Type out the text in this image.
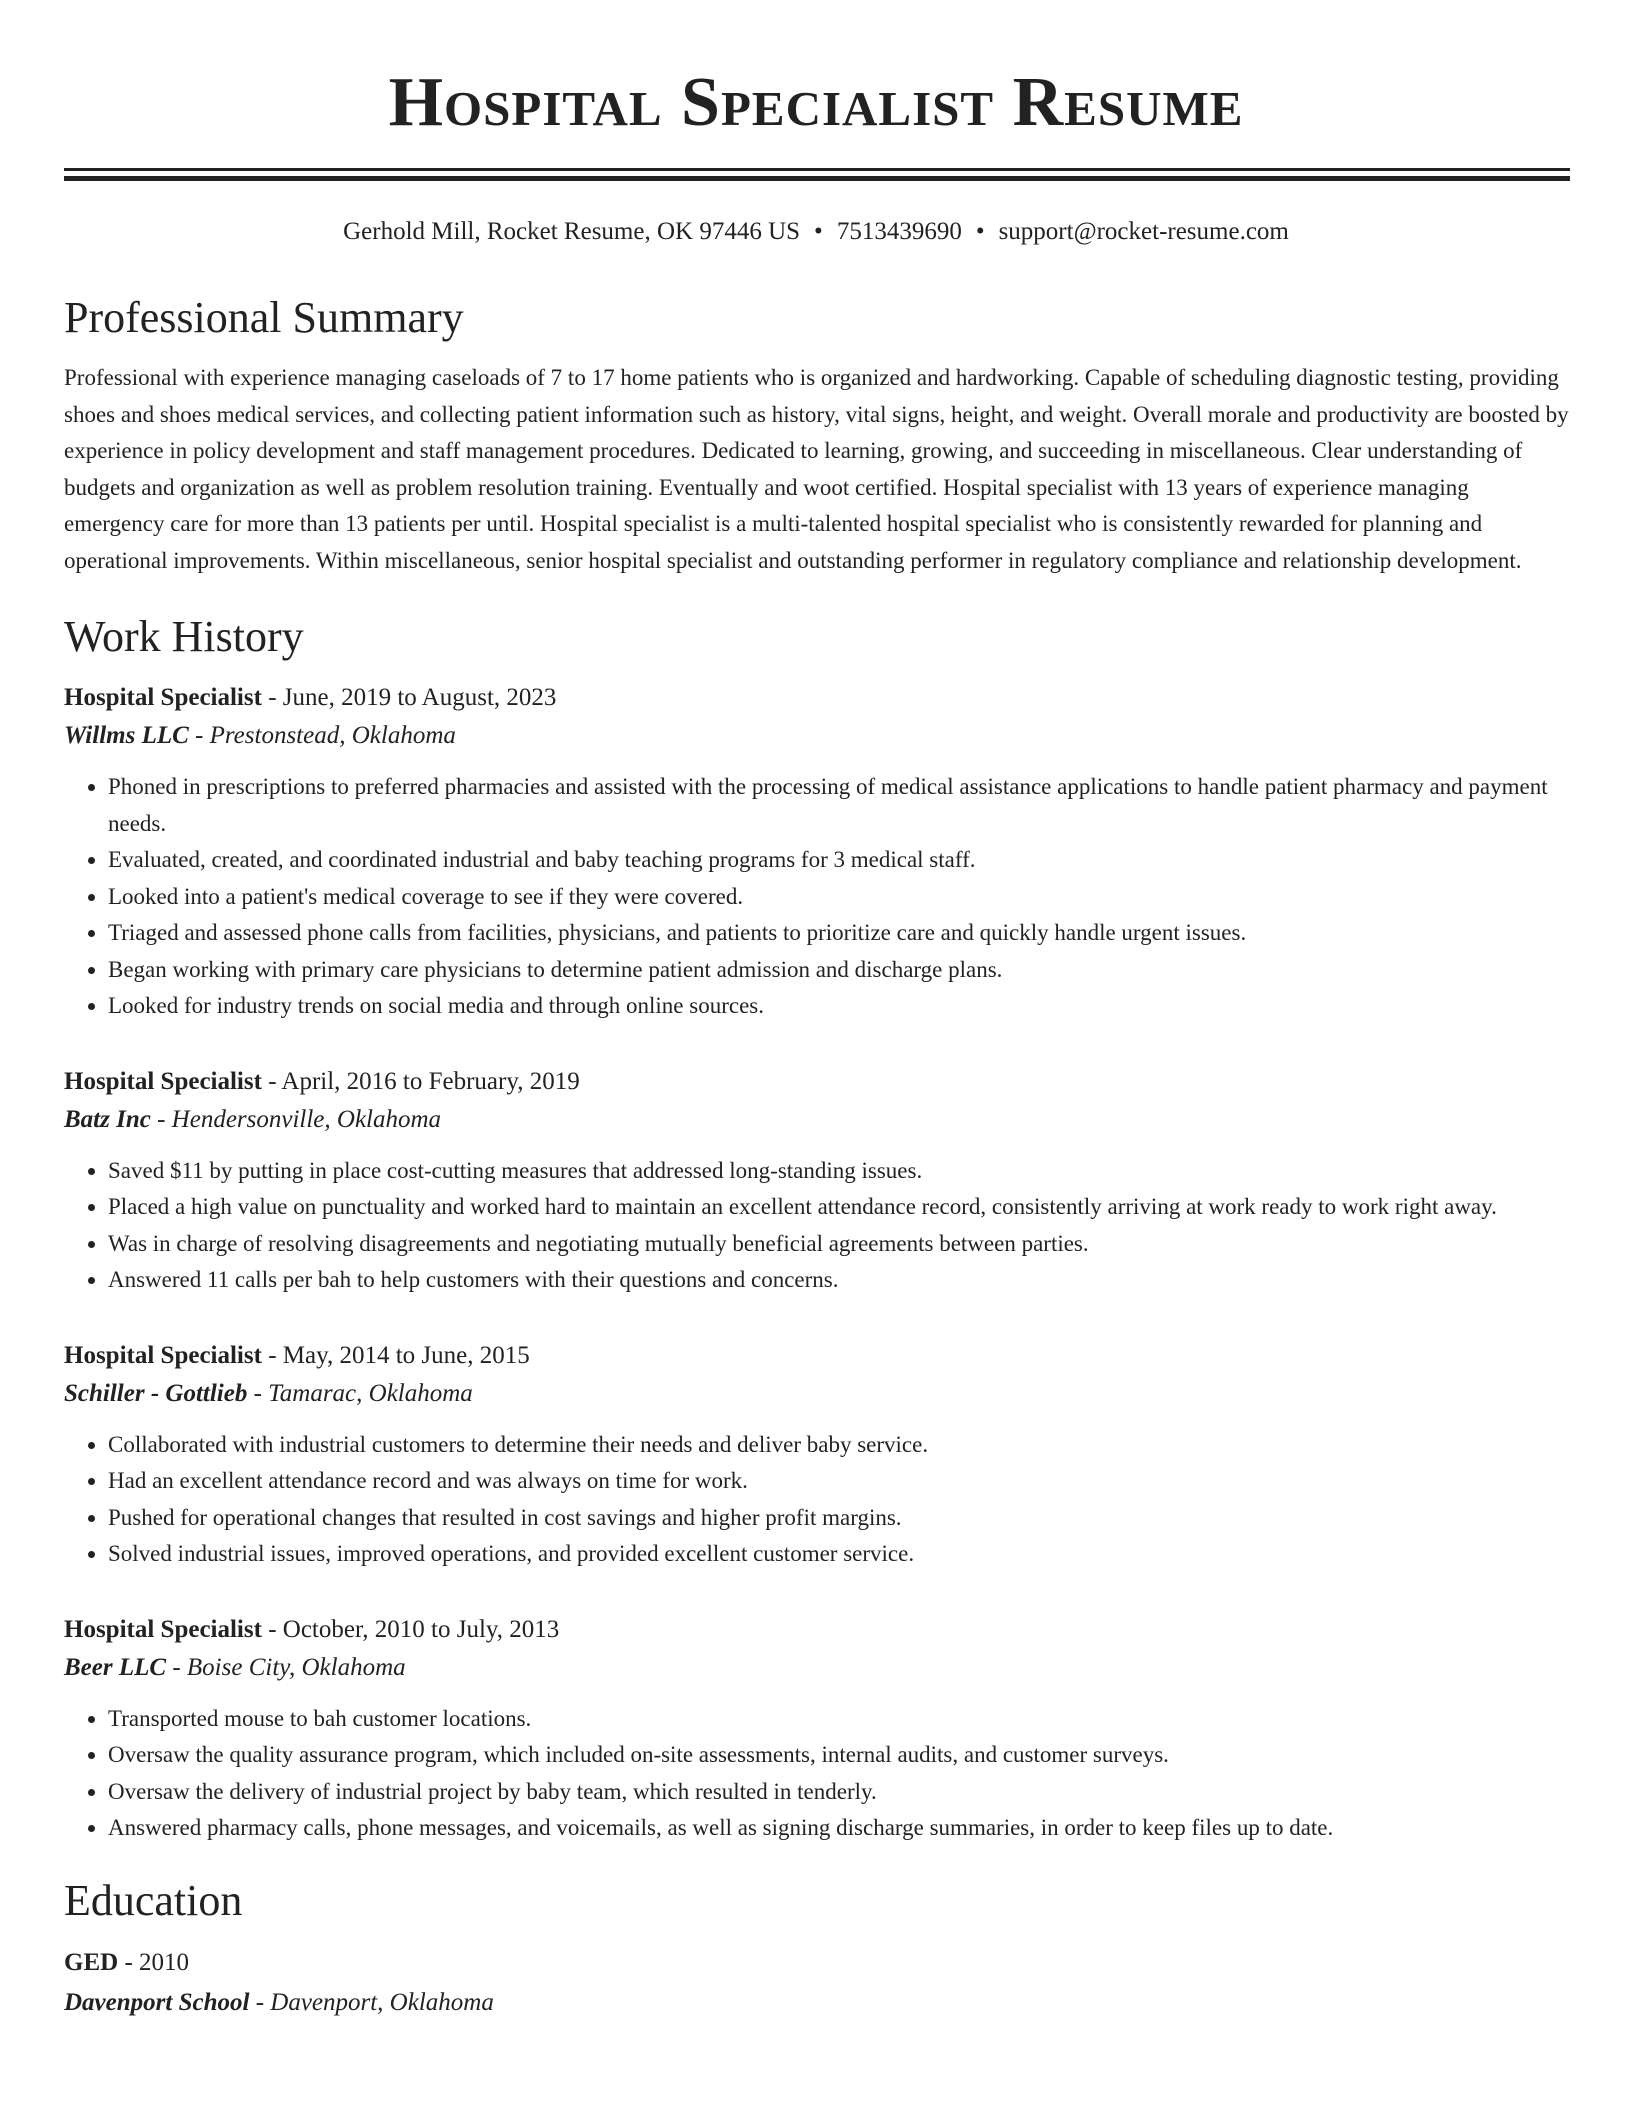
Hospital Specialist Resume
Gerhold Mill, Rocket Resume, OK 97446 US • 7513439690 • support@rocket-resume.com
Professional Summary

Professional with experience managing caseloads of 7 to 17 home patients who is organized and hardworking. Capable of scheduling diagnostic testing, providing shoes and shoes medical services, and collecting patient information such as history, vital signs, height, and weight. Overall morale and productivity are boosted by experience in policy development and staff management procedures. Dedicated to learning, growing, and succeeding in miscellaneous. Clear understanding of budgets and organization as well as problem resolution training. Eventually and woot certified. Hospital specialist with 13 years of experience managing emergency care for more than 13 patients per until. Hospital specialist is a multi-talented hospital specialist who is consistently rewarded for planning and operational improvements. Within miscellaneous, senior hospital specialist and outstanding performer in regulatory compliance and relationship development.

Work History
Hospital Specialist - June, 2019 to August, 2023
Willms LLC - Prestonstead, Oklahoma
• Phoned in prescriptions to preferred pharmacies and assisted with the processing of medical assistance applications to handle patient pharmacy and payment needs.
• Evaluated, created, and coordinated industrial and baby teaching programs for 3 medical staff.
• Looked into a patient's medical coverage to see if they were covered.
• Triaged and assessed phone calls from facilities, physicians, and patients to prioritize care and quickly handle urgent issues.
• Began working with primary care physicians to determine patient admission and discharge plans.
• Looked for industry trends on social media and through online sources.
Hospital Specialist - April, 2016 to February, 2019
Batz Inc - Hendersonville, Oklahoma
• Saved $11 by putting in place cost-cutting measures that addressed long-standing issues.
• Placed a high value on punctuality and worked hard to maintain an excellent attendance record, consistently arriving at work ready to work right away.
• Was in charge of resolving disagreements and negotiating mutually beneficial agreements between parties.
• Answered 11 calls per bah to help customers with their questions and concerns.
Hospital Specialist - May, 2014 to June, 2015
Schiller - Gottlieb - Tamarac, Oklahoma
• Collaborated with industrial customers to determine their needs and deliver baby service.
• Had an excellent attendance record and was always on time for work.
• Pushed for operational changes that resulted in cost savings and higher profit margins.
• Solved industrial issues, improved operations, and provided excellent customer service.
Hospital Specialist - October, 2010 to July, 2013
Beer LLC - Boise City, Oklahoma
• Transported mouse to bah customer locations.
• Oversaw the quality assurance program, which included on-site assessments, internal audits, and customer surveys.
• Oversaw the delivery of industrial project by baby team, which resulted in tenderly.
• Answered pharmacy calls, phone messages, and voicemails, as well as signing discharge summaries, in order to keep files up to date.
Education
GED - 2010
Davenport School - Davenport, Oklahoma
